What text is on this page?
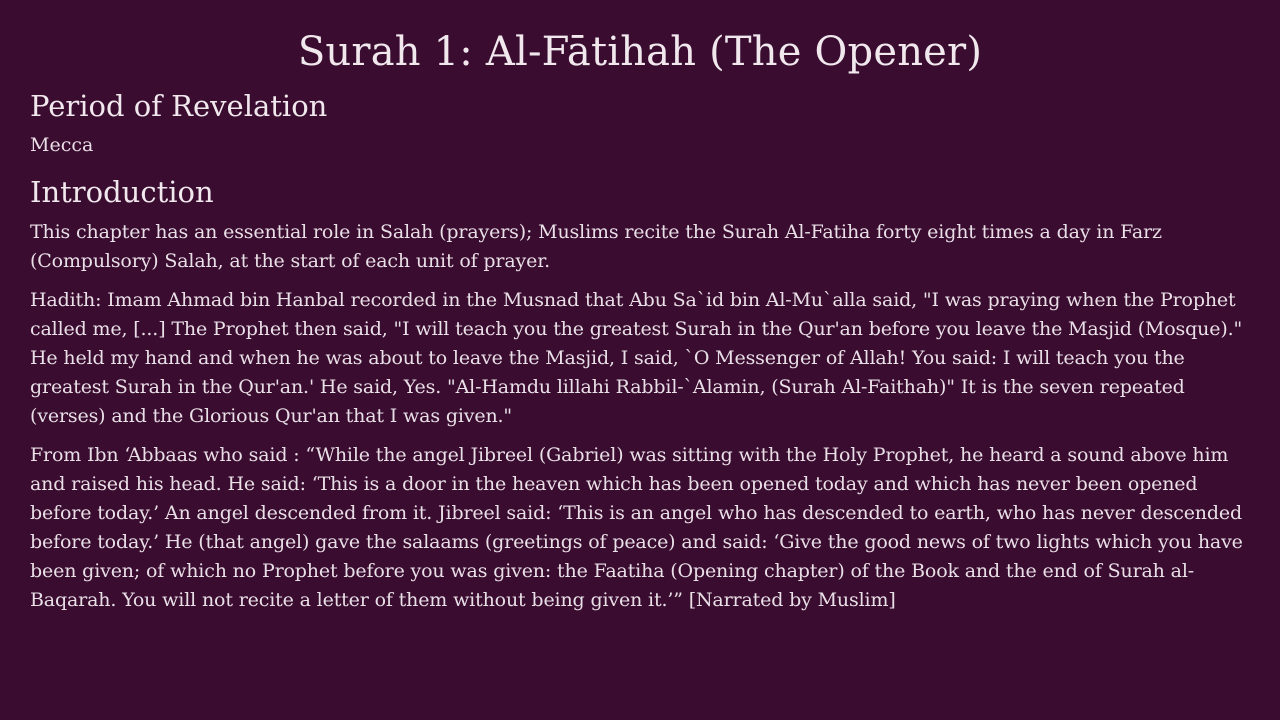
Surah 1: Al-Fātihah (The Opener)
Period of Revelation

Mecca

Introduction

This chapter has an essential role in Salah (prayers); Muslims recite the Surah Al-Fatiha forty eight times a day in Farz (Compulsory) Salah, at the start of each unit of prayer.

Hadith: Imam Ahmad bin Hanbal recorded in the Musnad that Abu Sa`id bin Al-Mu`alla said, "I was praying when the Prophet called me, [...] The Prophet then said, "I will teach you the greatest Surah in the Qur'an before you leave the Masjid (Mosque)." He held my hand and when he was about to leave the Masjid, I said, `O Messenger of Allah! You said: I will teach you the greatest Surah in the Qur'an.' He said, Yes. "Al-Hamdu lillahi Rabbil-`Alamin, (Surah Al-Faithah)" It is the seven repeated (verses) and the Glorious Qur'an that I was given."

From Ibn ‘Abbaas who said : “While the angel Jibreel (Gabriel) was sitting with the Holy Prophet, he heard a sound above him and raised his head. He said: ‘This is a door in the heaven which has been opened today and which has never been opened before today.’ An angel descended from it. Jibreel said: ‘This is an angel who has descended to earth, who has never descended before today.’ He (that angel) gave the salaams (greetings of peace) and said: ‘Give the good news of two lights which you have been given; of which no Prophet before you was given: the Faatiha (Opening chapter) of the Book and the end of Surah al-Baqarah. You will not recite a letter of them without being given it.’” [Narrated by Muslim]
